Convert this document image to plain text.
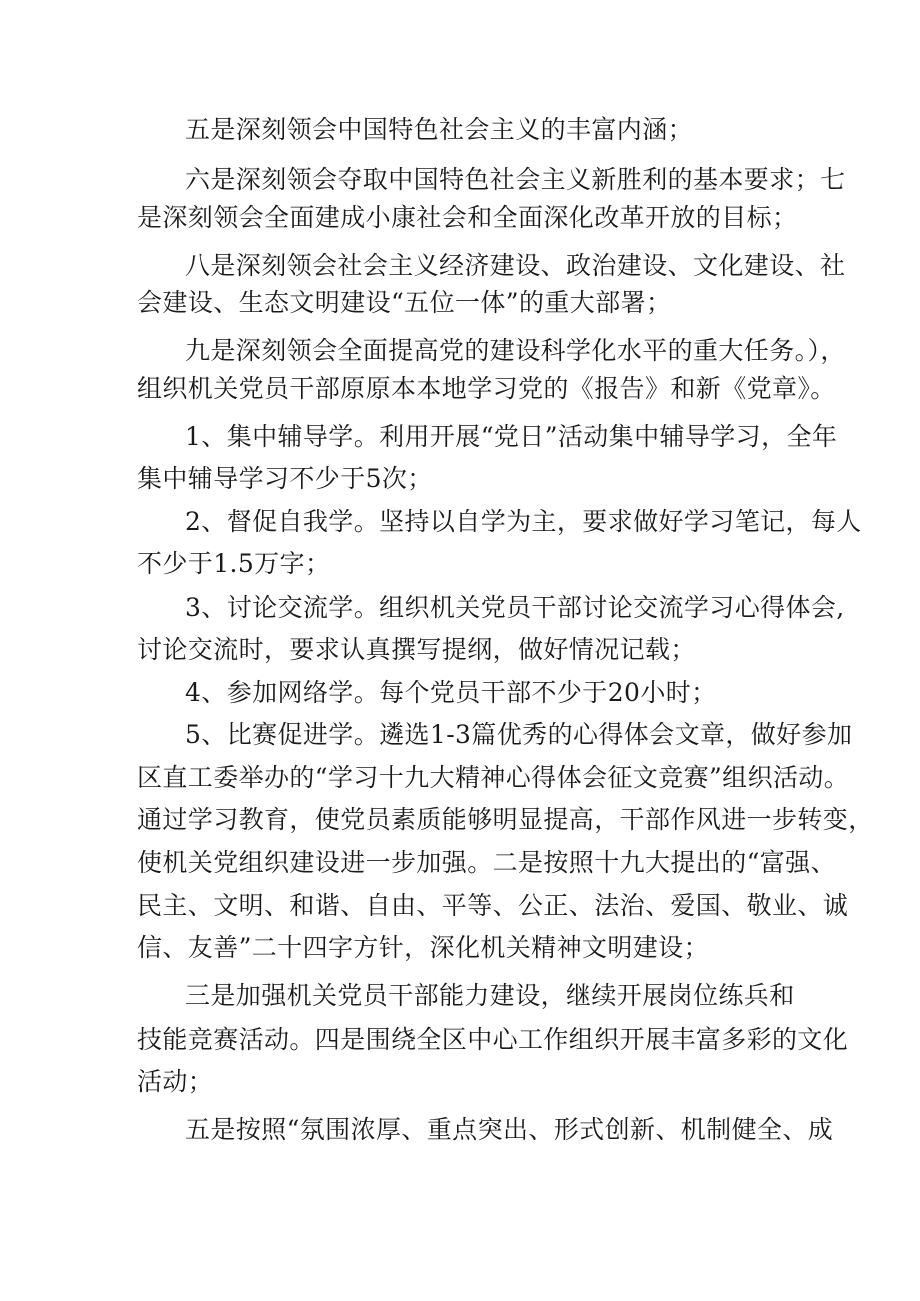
五是深刻领会中国特色社会主义的丰富内涵；
六是深刻领会夺取中国特色社会主义新胜利的基本要求；七
是深刻领会全面建成小康社会和全面深化改革开放的目标；
八是深刻领会社会主义经济建设、政治建设、文化建设、社
会建设、生态文明建设“五位一体”的重大部署；
九是深刻领会全面提高党的建设科学化水平的重大任务。），
组织机关党员干部原原本本地学习党的《报告》和新《党章》。
1、集中辅导学。利用开展“党日”活动集中辅导学习，全年
集中辅导学习不少于5次；
2、督促自我学。坚持以自学为主，要求做好学习笔记，每人
不少于1.5万字；
3、讨论交流学。组织机关党员干部讨论交流学习心得体会,
讨论交流时，要求认真撰写提纲，做好情况记载；
4、参加网络学。每个党员干部不少于20小时；
5、比赛促进学。遴选1-3篇优秀的心得体会文章，做好参加
区直工委举办的“学习十九大精神心得体会征文竞赛”组织活动。
通过学习教育，使党员素质能够明显提高，干部作风进一步转变，
使机关党组织建设进一步加强。二是按照十九大提出的“富强、
民主、文明、和谐、自由、平等、公正、法治、爱国、敬业、诚
信、友善”二十四字方针，深化机关精神文明建设；
三是加强机关党员干部能力建设，继续开展岗位练兵和
技能竞赛活动。四是围绕全区中心工作组织开展丰富多彩的文化
活动；
五是按照“氛围浓厚、重点突出、形式创新、机制健全、成
